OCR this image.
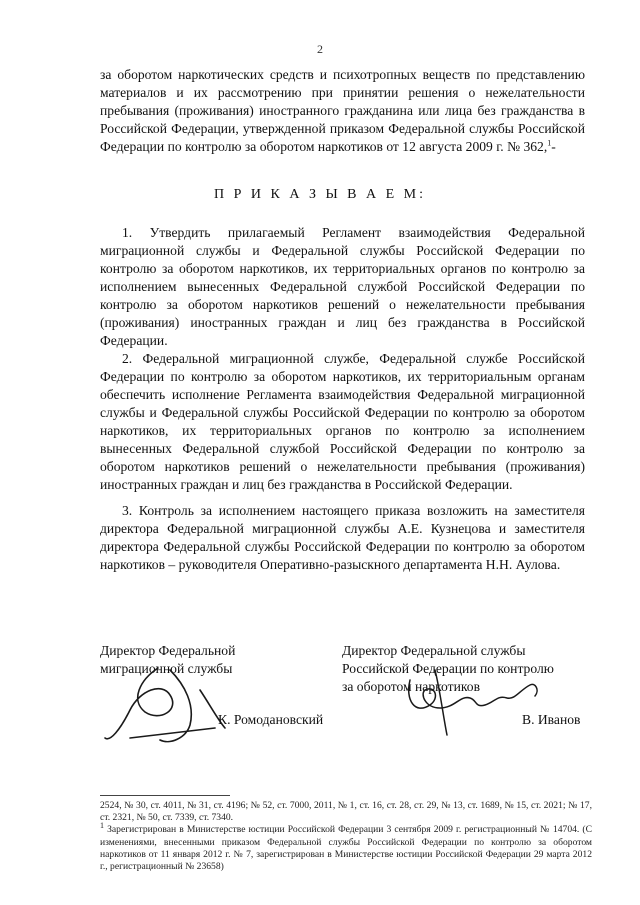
2
за оборотом наркотических средств и психотропных веществ по представлению материалов и их рассмотрению при принятии решения о нежелательности пребывания (проживания) иностранного гражданина или лица без гражданства в Российской Федерации, утвержденной приказом Федеральной службы Российской Федерации по контролю за оборотом наркотиков от 12 августа 2009 г. № 362,$^1$-
П Р И К А З Ы В А Е М:
1. Утвердить прилагаемый Регламент взаимодействия Федеральной миграционной службы и Федеральной службы Российской Федерации по контролю за оборотом наркотиков, их территориальных органов по контролю за исполнением вынесенных Федеральной службой Российской Федерации по контролю за оборотом наркотиков решений о нежелательности пребывания (проживания) иностранных граждан и лиц без гражданства в Российской Федерации.
2. Федеральной миграционной службе, Федеральной службе Российской Федерации по контролю за оборотом наркотиков, их территориальным органам обеспечить исполнение Регламента взаимодействия Федеральной миграционной службы и Федеральной службы Российской Федерации по контролю за оборотом наркотиков, их территориальных органов по контролю за исполнением вынесенных Федеральной службой Российской Федерации по контролю за оборотом наркотиков решений о нежелательности пребывания (проживания) иностранных граждан и лиц без гражданства в Российской Федерации.
3. Контроль за исполнением настоящего приказа возложить на заместителя директора Федеральной миграционной службы А.Е. Кузнецова и заместителя директора Федеральной службы Российской Федерации по контролю за оборотом наркотиков – руководителя Оперативно-разыскного департамента Н.Н. Аулова.
Директор Федеральной
миграционной службы
Директор Федеральной службы
Российской Федерации по контролю
за оборотом наркотиков
К. Ромодановский	В. Иванов

2524, № 30, ст. 4011, № 31, ст. 4196; № 52, ст. 7000, 2011, № 1, ст. 16, ст. 28, ст. 29, № 13, ст. 1689, № 15, ст. 2021; № 17, ст. 2321, № 50, ст. 7339, ст. 7340.

$^1$ Зарегистрирован в Министерстве юстиции Российской Федерации 3 сентября 2009 г. регистрационный № 14704. (С изменениями, внесенными приказом Федеральной службы Российской Федерации по контролю за оборотом наркотиков от 11 января 2012 г. № 7, зарегистрирован в Министерстве юстиции Российской Федерации 29 марта 2012 г., регистрационный № 23658)
